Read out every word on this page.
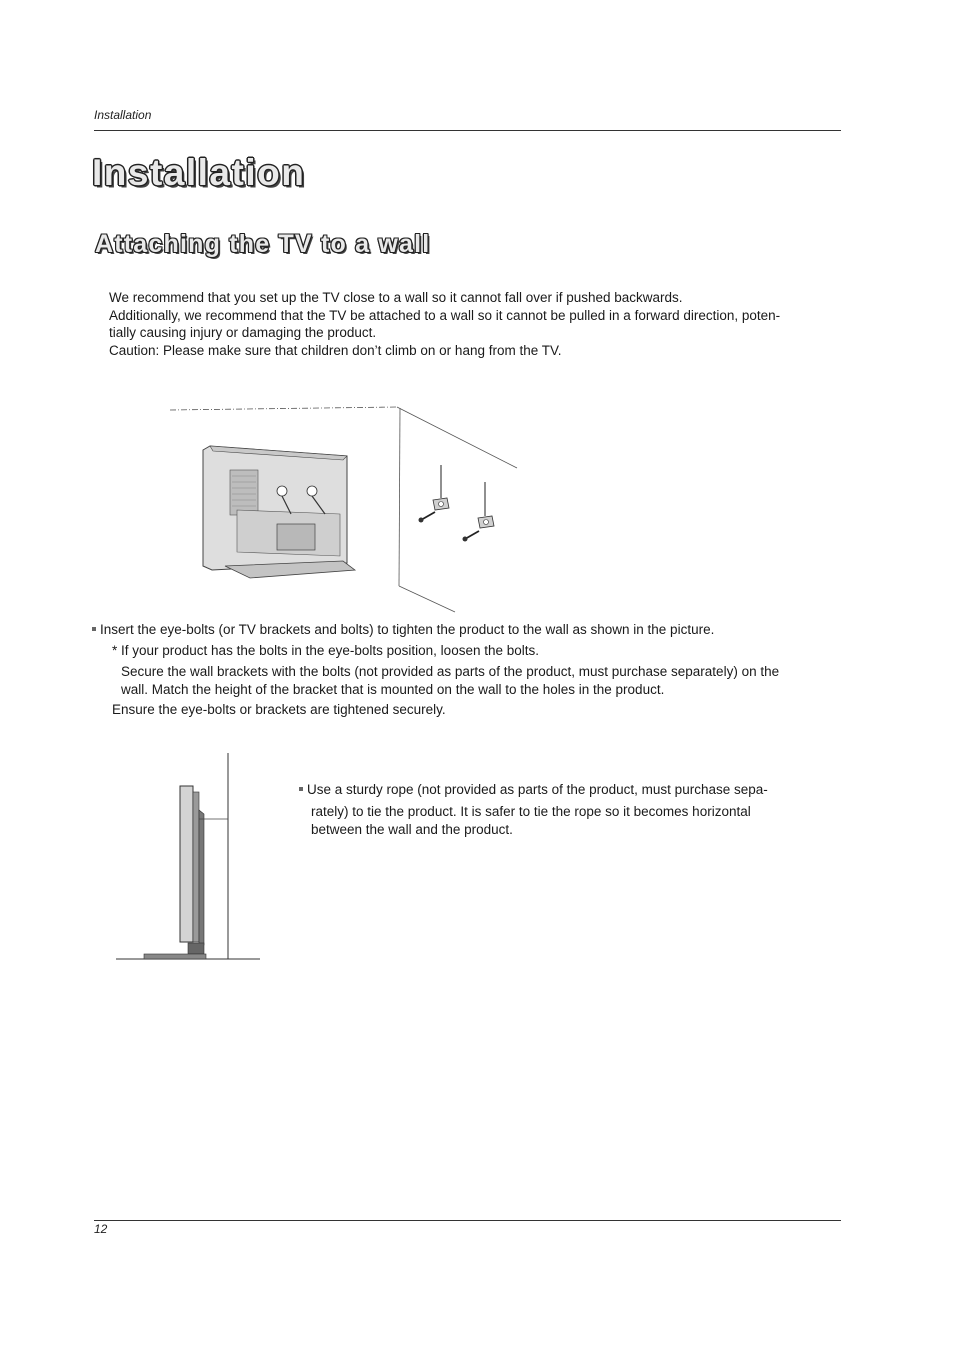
Installation
Installation
Attaching the TV to a wall

We recommend that you set up the TV close to a wall so it cannot fall over if pushed backwards.

Additionally, we recommend that the TV be attached to a wall so it cannot be pulled in a forward direction, poten-

tially causing injury or damaging the product.

Caution: Please make sure that children don’t climb on or hang from the TV.

Insert the eye-bolts (or TV brackets and bolts) to tighten the product to the wall as shown in the picture.
* If your product has the bolts in the eye-bolts position, loosen the bolts.
Secure the wall brackets with the bolts (not provided as parts of the product, must purchase separately) on the
wall. Match the height of the bracket that is mounted on the wall to the holes in the product.
Ensure the eye-bolts or brackets are tightened securely.
Use a sturdy rope (not provided as parts of the product, must purchase sepa-
rately) to tie the product. It is safer to tie the rope so it becomes horizontal
between the wall and the product.
12
